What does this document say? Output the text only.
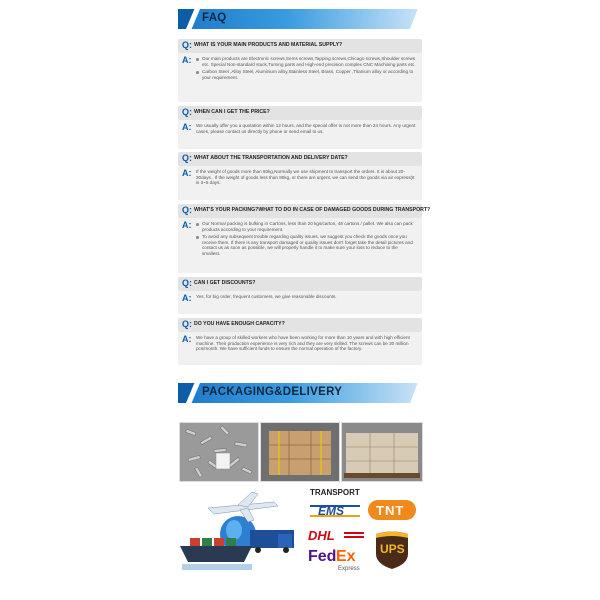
FAQ
Q: WHAT IS YOUR MAIN PRODUCTS AND MATERIAL SUPPLY?
A:	Our main products are Electronic screws,Sems screws,Tapping screws,Chicago screws,Shoulder screws etc. Special Non-standard stuck,Turning parts and High-end precision complex CNC Machining parts etc.

Carbon Steel ,Alloy Steel, Aluminium alloy,Stainless Steel, Brass, Copper ,Titanium alloy or according to your requirement.

Q: WHEN CAN I GET THE PRICE?
A: We usually offer you a quotation within 12 hours, and the special offer is not more than 24 hours. Any urgent cases, please contact us directly by phone or send email to us.

Q: WHAT ABOUT THE TRANSPORTATION AND DELIVERY DATE?
A: If the weight of goods more than 80kg,Normally we use shipment to transport the orders. It is about 20-30days . If the weight of goods less than 80kg, or there are urgent, we can send the goods via air express(It is 3~5 days.

Q: WHAT'S YOUR PACKING?WHAT TO DO IN CASE OF DAMAGED GOODS DURING TRANSPORT?
A:	Our Normal packing is bulking in Cartons, less than 20 kgs/carton, 48 cartons / pallet. We also can pack products according to your requirement.

To avoid any subsequent trouble regarding quality issues, we suggest you check the goods once you receive them. If there is any transport damaged or quality issues don't forget take the detail pictures and contact us as soon as possible, we will properly handle it to make sure your loss to reduce to the smallest.

Q: CAN I GET DISCOUNTS?
A: Yes, for big order, frequent customers, we give reasonable discounts.

Q: DO YOU HAVE ENOUGH CAPACITY?
A: We have a group of skilled workers who have been working for more than 10 years and with high efficient machine. Their production experience is very rich and they are very skilled. The screws can be 30 million pcs/month. We have sufficient funds to ensure the normal operation of the factory.

PACKAGING&DELIVERY
TRANSPORT
EMS TNT
DHL
Fed Ex
Express
UPS
